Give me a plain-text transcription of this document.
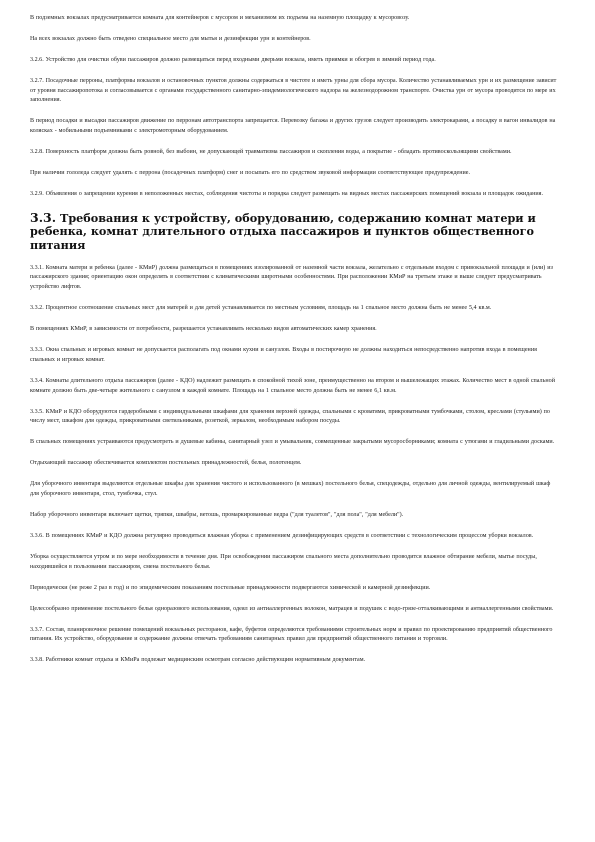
В подземных вокзалах предусматривается комната для контейнеров с мусором и механизмом их подъема на наземную площадку к мусоровозу.

На всех вокзалах должно быть отведено специальное место для мытья и дезинфекции урн и контейнеров.

3.2.6. Устройство для очистки обуви пассажиров должно размещаться перед входными дверьми вокзала, иметь приямки и обогрев в зимний период года.

3.2.7. Посадочные перроны, платформы вокзалов и остановочных пунктов должны содержаться в чистоте и иметь урны для сбора мусора. Количество устанавливаемых урн и их размещение зависит от уровня пассажиропотока и согласовывается с органами государственного санитарно-эпидемиологического надзора на железнодорожном транспорте. Очистка урн от мусора проводится по мере их заполнения.

В период посадки и высадки пассажиров движение по перронам автотранспорта запрещается. Перевозку багажа и других грузов следует производить электрокарами, а посадку в вагон инвалидов на колясках - мобильными подъемниками с электромоторным оборудованием.

3.2.8. Поверхность платформ должна быть ровной, без выбоин, не допускающей травматизма пассажиров и скопления воды, а покрытие - обладать противоскользящими свойствами.

При наличии гололеда следует удалять с перрона (посадочных платформ) снег и посыпать его по средством звуковой информации соответствующее предупреждение.

3.2.9. Объявления о запрещении курения в неположенных местах, соблюдения чистоты и порядка следует размещать на видных местах пассажирских помещений вокзала и площадок ожидания.

3.3. Требования к устройству, оборудованию, содержанию комнат матери и ребенка, комнат длительного отдыха пассажиров и пунктов общественного питания

3.3.1. Комната матери и ребенка (далее - КМиР) должна размещаться в помещениях изолированной от наземной части вокзала, желательно с отдельным входом с привокзальной площади и (или) из пассажирского здания; ориентацию окон определять в соответствии с климатическими широтными особенностями. При расположении КМиР на третьем этаже и выше следует предусматривать устройство лифтов.

3.3.2. Процентное соотношение спальных мест для матерей и для детей устанавливается по местным условиям, площадь на 1 спальное место должна быть не менее 5,4 кв.м.

В помещениях КМиР, в зависимости от потребности, разрешается устанавливать несколько видов автоматических камер хранения.

3.3.3. Окна спальных и игровых комнат не допускается располагать под окнами кухни и санузлов. Входы в постирочную не должны находиться непосредственно напротив входа в помещения спальных и игровых комнат.

3.3.4. Комнаты длительного отдыха пассажиров (далее - КДО) надлежит размещать в спокойной тихой зоне, преимущественно на втором и вышележащих этажах. Количество мест в одной спальной комнате должно быть две-четыре жительного с санузлом в каждой комнате. Площадь на 1 спальное место должна быть не менее 6,1 кв.м.

3.3.5. КМиР и КДО оборудуются гардеробными с индивидуальными шкафами для хранения верхней одежды, спальными с кроватями, прикроватными тумбочками, столом, креслами (стульями) по числу мест, шкафом для одежды, прикроватными светильниками, розеткой, зеркалом, необходимым набором посуды.

В спальных помещениях устраиваются предусмотреть и душевые кабины, санитарный узел и умывальник, совмещенные закрытыми мусоросборниками; комната с утюгами и гладильными досками.

Отдыхающий пассажир обеспечивается комплектом постельных принадлежностей, белья, полотенцем.

Для уборочного инвентаря выделяются отдельные шкафы для хранения чистого и использованного (в мешках) постельного белья, спецодежды, отдельно для личной одежды, вентилируемый шкаф для уборочного инвентаря, стол, тумбочка, стул.

Набор уборочного инвентаря включает щетки, тряпки, швабры, ветошь, промаркированные ведра ("для туалетов", "для пола", "для мебели").

3.3.6. В помещениях КМиР и КДО должна регулярно проводиться влажная уборка с применением дезинфицирующих средств в соответствии с технологическим процессом уборки вокзалов.

Уборка осуществляется утром и по мере необходимости в течение дня. При освобождении пассажиром спального места дополнительно проводится влажное обтирание мебели, мытье посуды, находившейся в пользовании пассажиром, смена постельного белья.

Периодически (не реже 2 раз в год) и по эпидемическим показаниям постельные принадлежности подвергаются химической и камерной дезинфекции.

Целесообразно применение постельного белья одноразового использования, одеял из антиаллергенных волокон, матрацев и подушек с водо-грязе-отталкивающими и антиаллергенными свойствами.

3.3.7. Состав, планировочное решение помещений вокзальных ресторанов, кафе, буфетов определяются требованиями строительных норм и правил по проектированию предприятий общественного питания. Их устройство, оборудование и содержание должны отвечать требованиям санитарных правил для предприятий общественного питания и торговли.

3.3.8. Работники комнат отдыха и КМиРа подлежат медицинским осмотрам согласно действующим нормативным документам.
